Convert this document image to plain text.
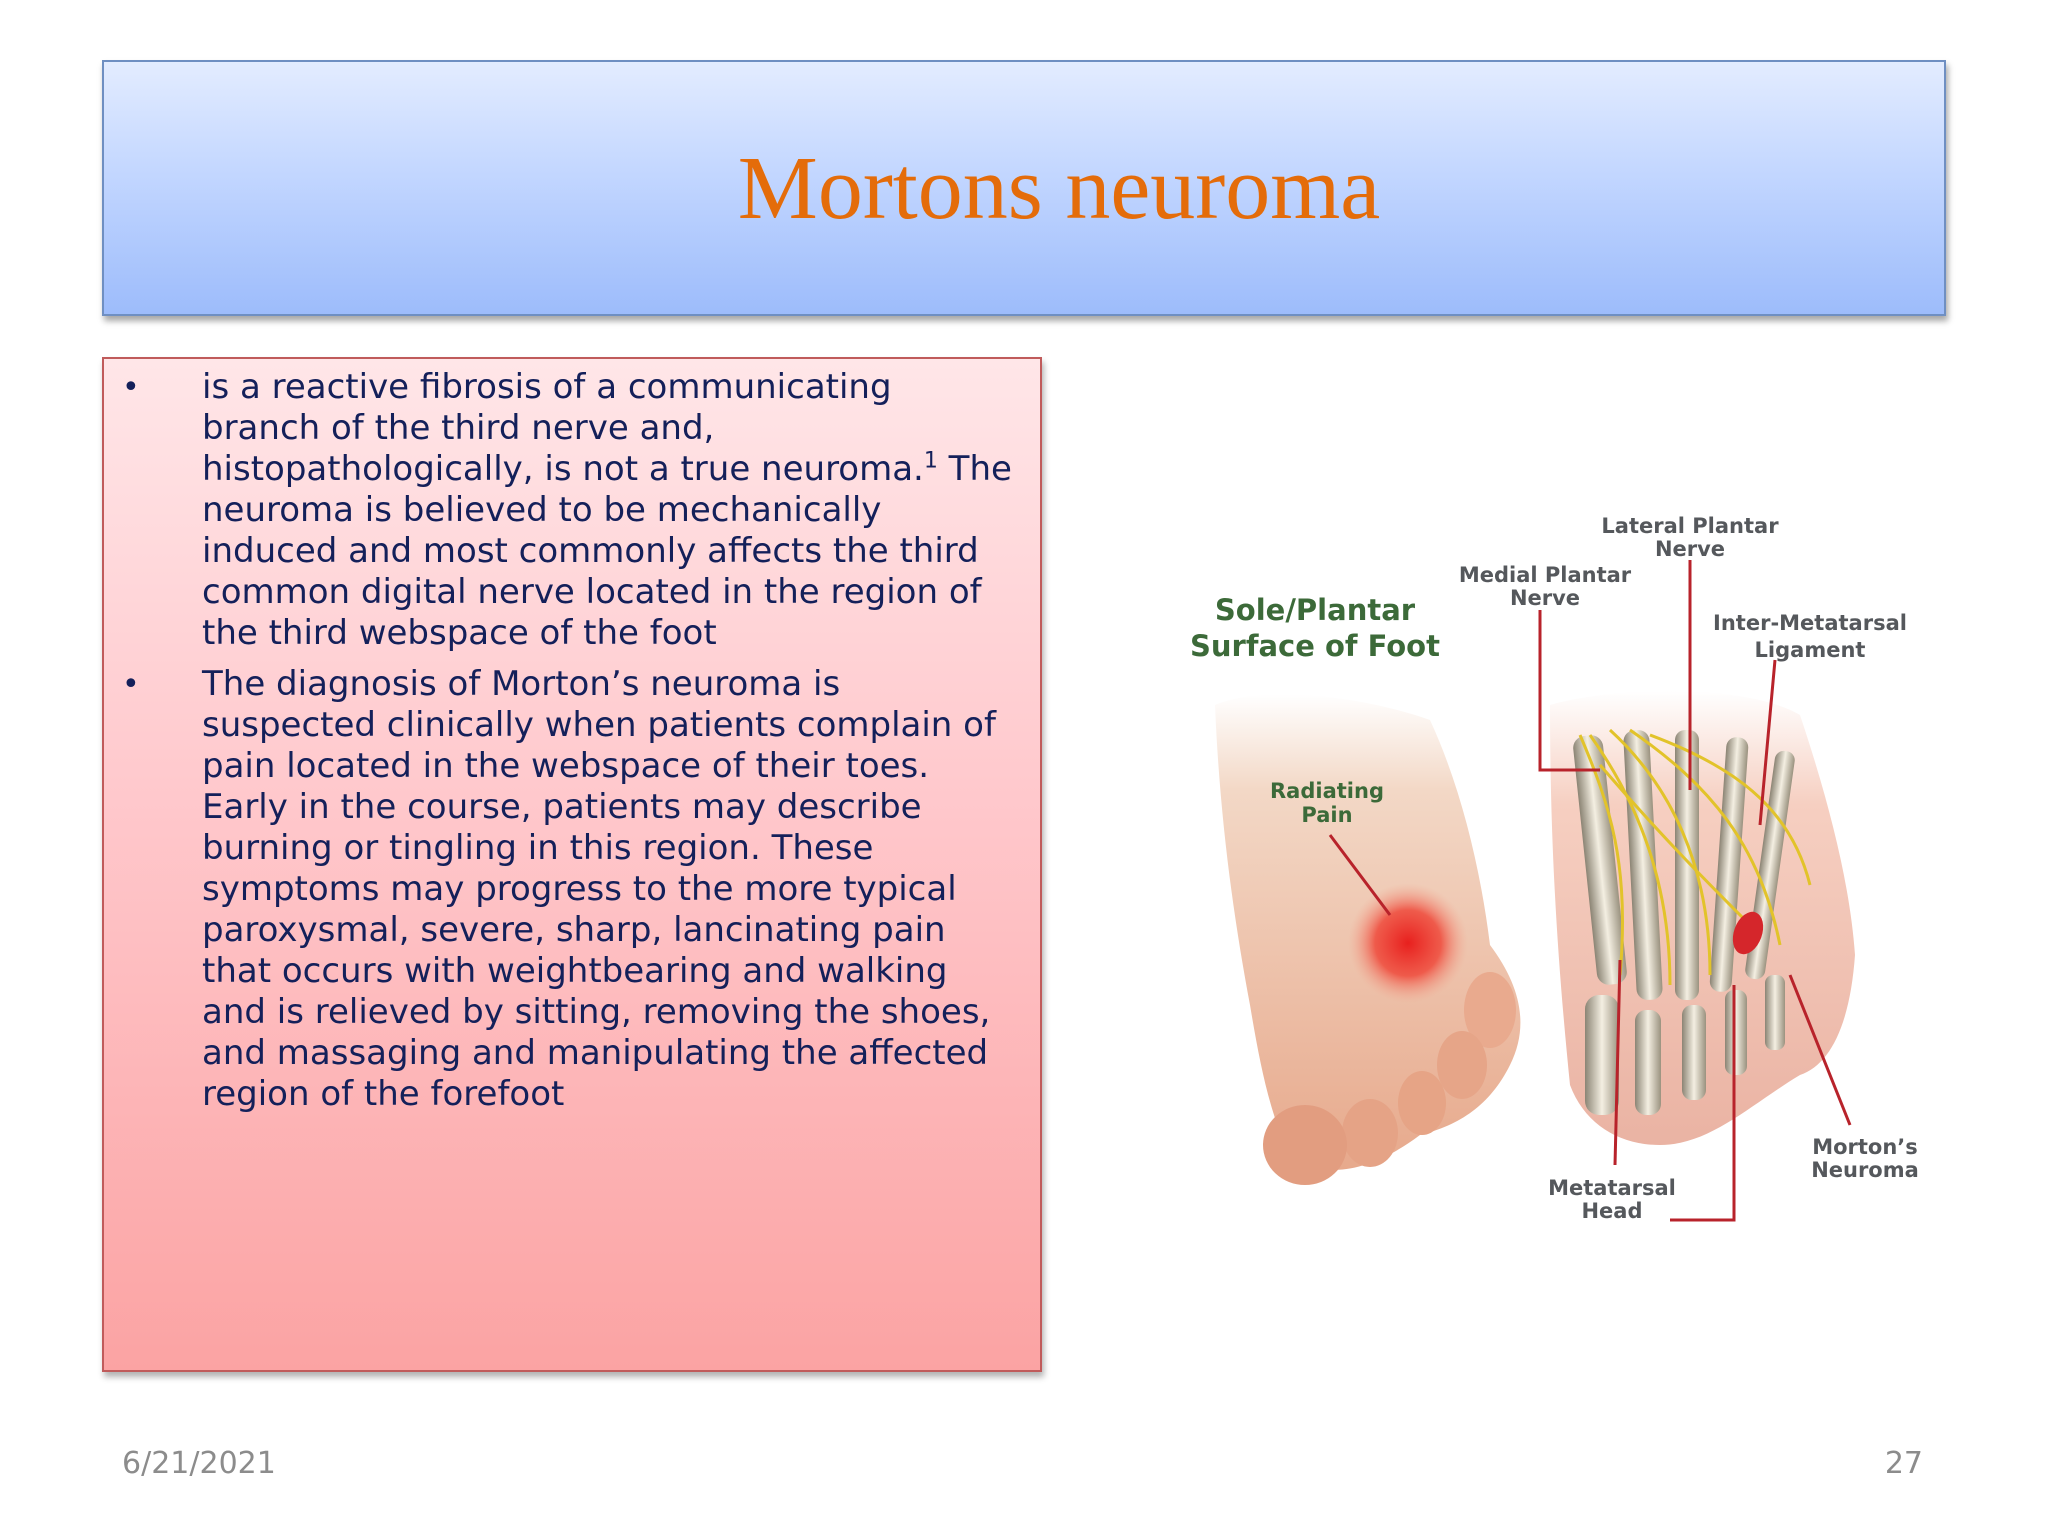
Mortons neuroma
• is a reactive fibrosis of a communicating branch of the third nerve and, histopathologically, is not a true neuroma.$^1$ The neuroma is believed to be mechanically induced and most commonly affects the third common digital nerve located in the region of the third webspace of the foot
• The diagnosis of Morton’s neuroma is suspected clinically when patients complain of pain located in the webspace of their toes. Early in the course, patients may describe burning or tingling in this region. These symptoms may progress to the more typical paroxysmal, severe, sharp, lancinating pain that occurs with weightbearing and walking and is relieved by sitting, removing the shoes, and massaging and manipulating the affected region of the forefoot
Sole/Plantar
Surface of Foot
Radiating
Pain
Lateral Plantar
Nerve
Medial Plantar
Nerve
Inter-Metatarsal
Ligament
Metatarsal
Head
Morton’s
Neuroma
6/21/2021	27
